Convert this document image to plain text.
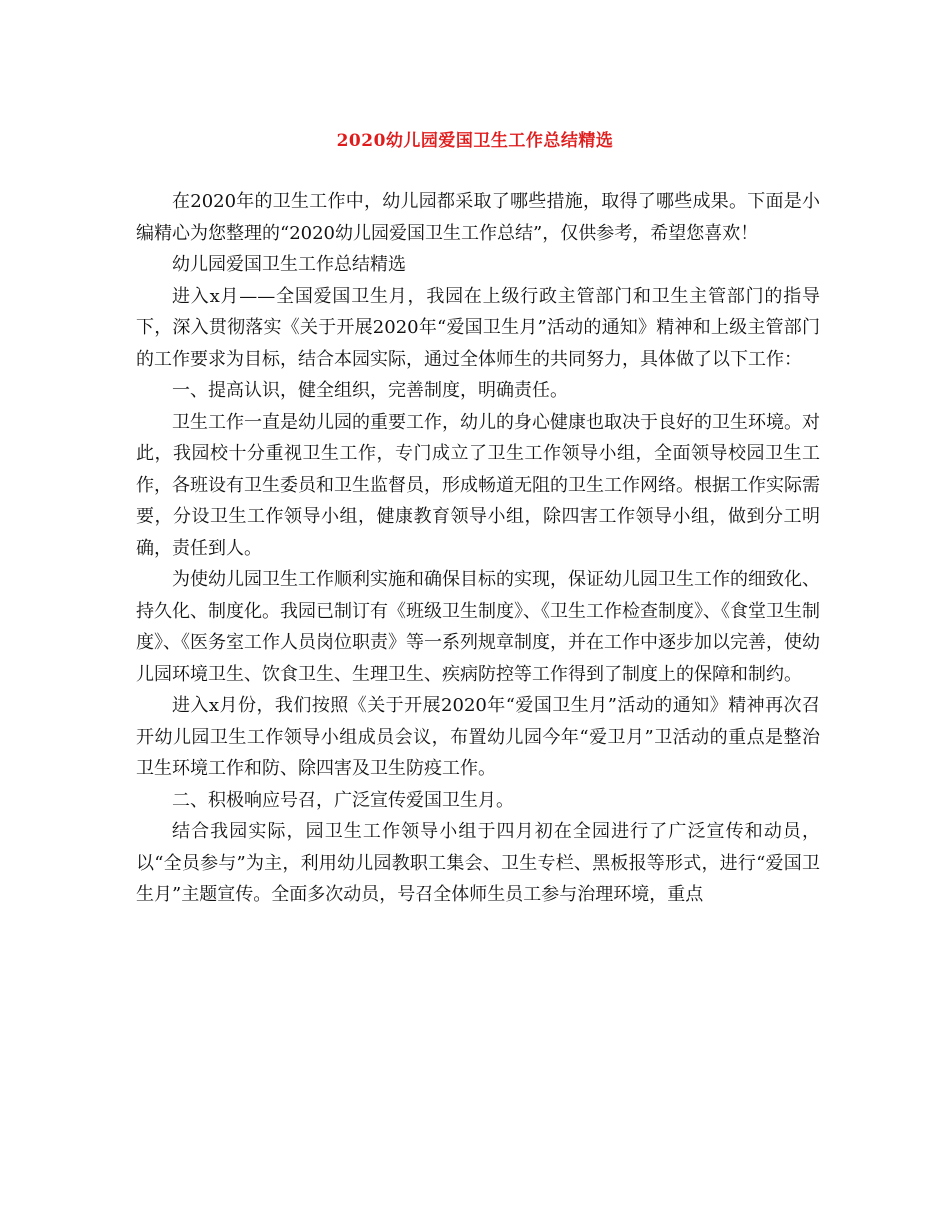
2020幼儿园爱国卫生工作总结精选

在2020年的卫生工作中，幼儿园都采取了哪些措施，取得了哪些成果。下面是小编精心为您整理的“2020幼儿园爱国卫生工作总结”，仅供参考，希望您喜欢！

幼儿园爱国卫生工作总结精选

进入x月——全国爱国卫生月，我园在上级行政主管部门和卫生主管部门的指导下，深入贯彻落实《关于开展2020年“爱国卫生月”活动的通知》精神和上级主管部门的工作要求为目标，结合本园实际，通过全体师生的共同努力，具体做了以下工作：

一、提高认识，健全组织，完善制度，明确责任。

卫生工作一直是幼儿园的重要工作，幼儿的身心健康也取决于良好的卫生环境。对此，我园校十分重视卫生工作，专门成立了卫生工作领导小组，全面领导校园卫生工作，各班设有卫生委员和卫生监督员，形成畅道无阻的卫生工作网络。根据工作实际需要，分设卫生工作领导小组，健康教育领导小组，除四害工作领导小组，做到分工明确，责任到人。

为使幼儿园卫生工作顺利实施和确保目标的实现，保证幼儿园卫生工作的细致化、持久化、制度化。我园已制订有《班级卫生制度》、《卫生工作检查制度》、《食堂卫生制度》、《医务室工作人员岗位职责》等一系列规章制度，并在工作中逐步加以完善，使幼儿园环境卫生、饮食卫生、生理卫生、疾病防控等工作得到了制度上的保障和制约。

进入x月份，我们按照《关于开展2020年“爱国卫生月”活动的通知》精神再次召开幼儿园卫生工作领导小组成员会议，布置幼儿园今年“爱卫月”卫活动的重点是整治卫生环境工作和防、除四害及卫生防疫工作。

二、积极响应号召，广泛宣传爱国卫生月。

结合我园实际，园卫生工作领导小组于四月初在全园进行了广泛宣传和动员，以“全员参与”为主，利用幼儿园教职工集会、卫生专栏、黑板报等形式，进行“爱国卫生月”主题宣传。全面多次动员，号召全体师生员工参与治理环境，重点
